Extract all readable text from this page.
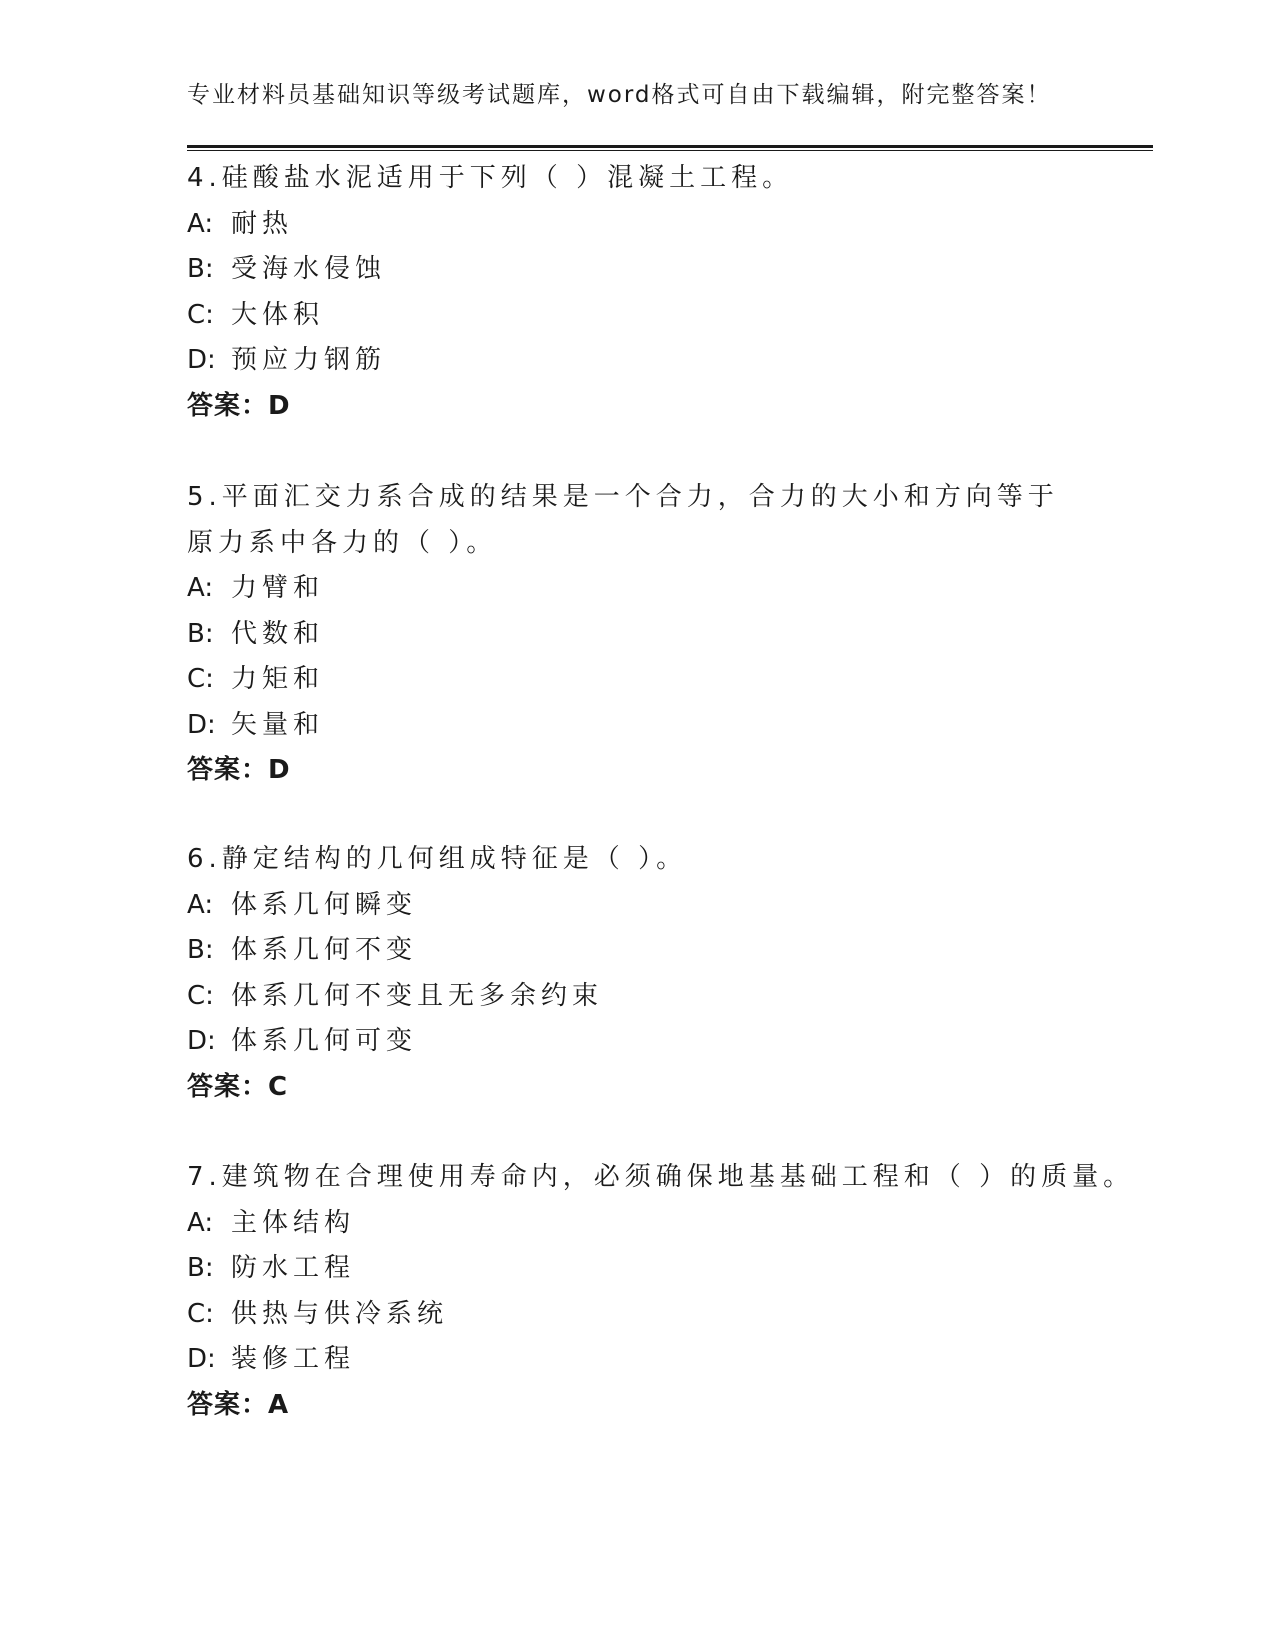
专业材料员基础知识等级考试题库，word格式可自由下载编辑，附完整答案！
4.硅酸盐水泥适用于下列（ ）混凝土工程。
A: 耐热
B: 受海水侵蚀
C: 大体积
D: 预应力钢筋
答案：D
5.平面汇交力系合成的结果是一个合力，合力的大小和方向等于原力系中各力的（ ）。
A: 力臂和
B: 代数和
C: 力矩和
D: 矢量和
答案：D
6.静定结构的几何组成特征是（ ）。
A: 体系几何瞬变
B: 体系几何不变
C: 体系几何不变且无多余约束
D: 体系几何可变
答案：C
7.建筑物在合理使用寿命内，必须确保地基基础工程和（ ）的质量。
A: 主体结构
B: 防水工程
C: 供热与供冷系统
D: 装修工程
答案：A
